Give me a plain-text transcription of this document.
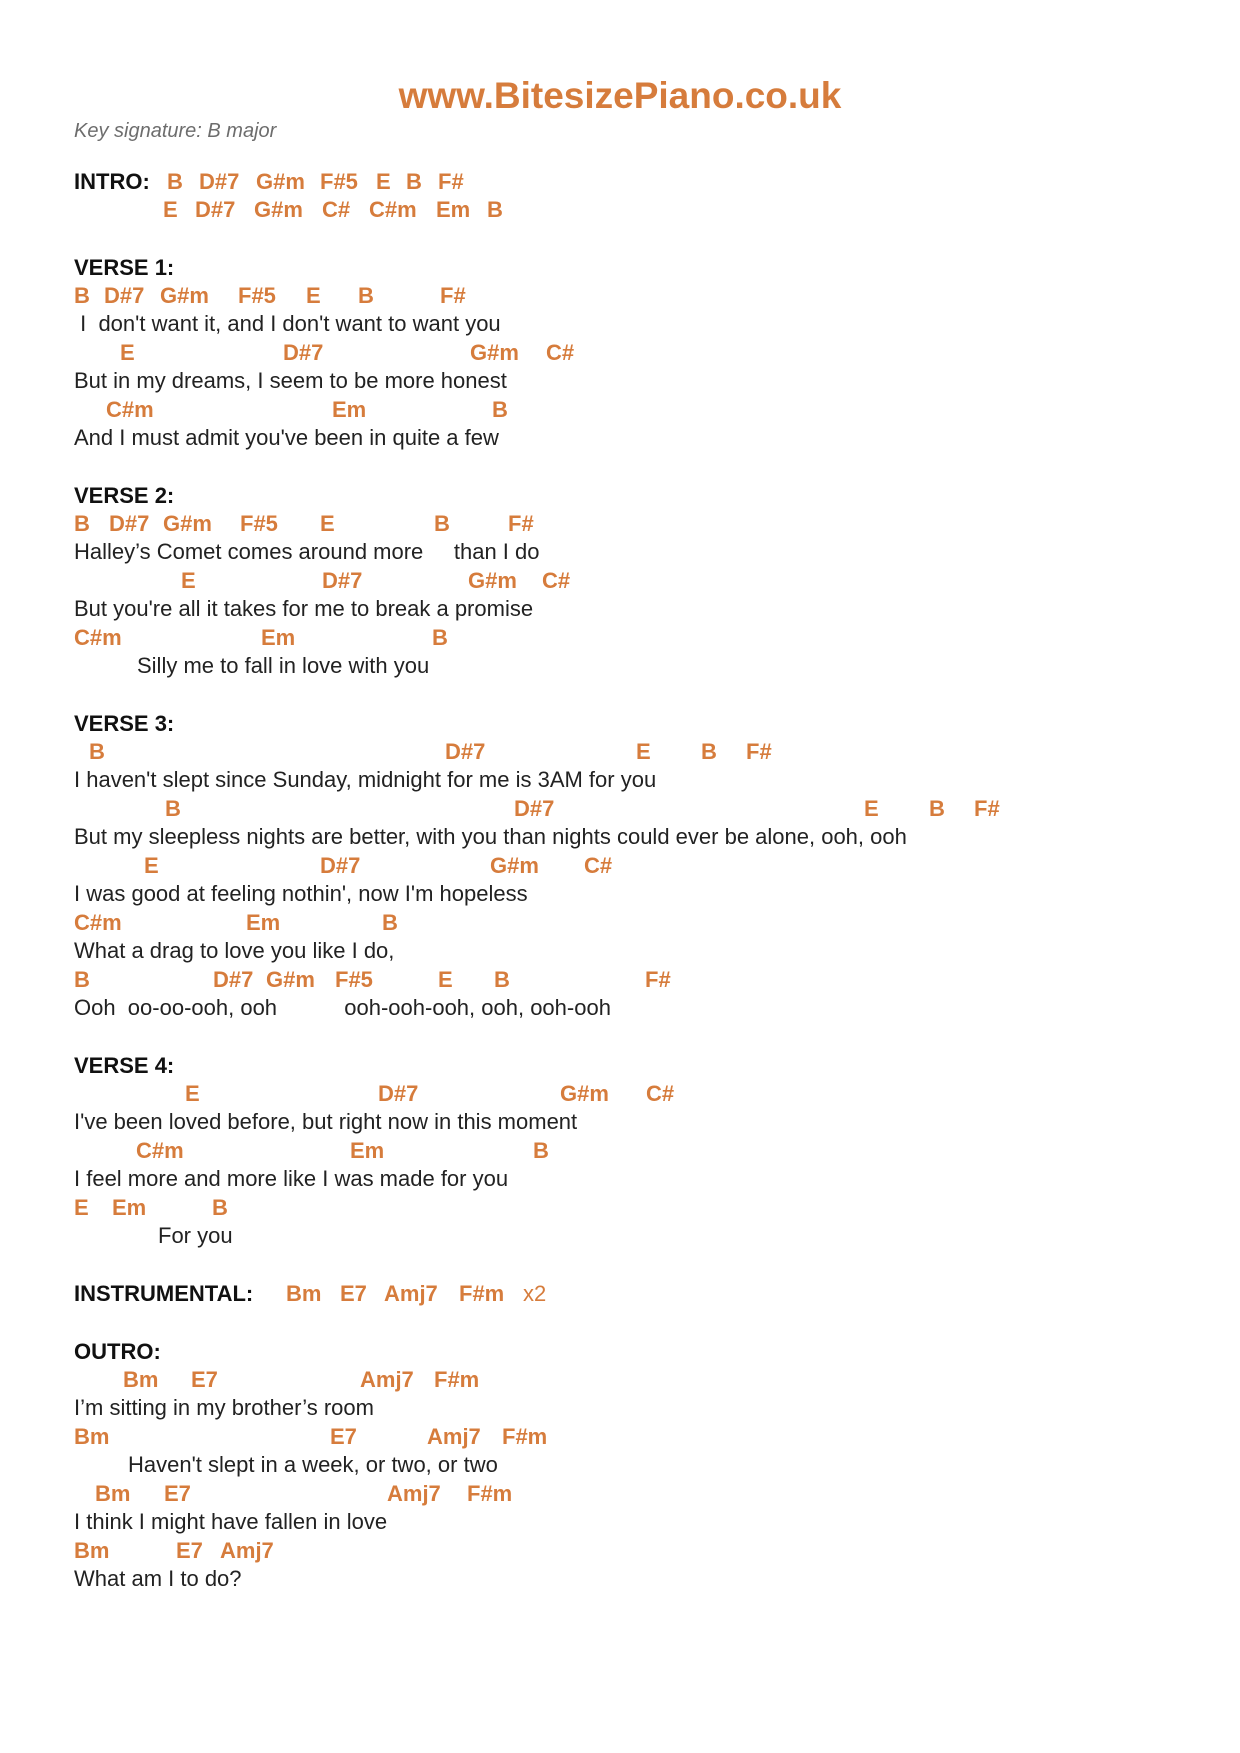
www.BitesizePiano.co.uk
Key signature: B major
INTRO: B D#7 G#m F#5 E B F#
E D#7 G#m C# C#m Em B
VERSE 1:
B D#7 G#m F#5 E B	F#
I  don't want it, and I don't want to want you
E	D#7	G#m C#
But in my dreams, I seem to be more honest
C#m	Em	B
And I must admit you've been in quite a few
VERSE 2:
B D#7 G#m F#5 E	B	F#
Halley’s Comet comes around more     than I do
E	D#7	G#m C#
But you're all it takes for me to break a promise
C#m	Em	B
Silly me to fall in love with you
VERSE 3:
B	D#7	E B F#
I haven't slept since Sunday, midnight for me is 3AM for you
B	D#7	E B F#
But my sleepless nights are better, with you than nights could ever be alone, ooh, ooh
E	D#7	G#m C#
I was good at feeling nothin', now I'm hopeless
C#m	Em	B
What a drag to love you like I do,
B	D#7 G#m F#5	E B	F#
Ooh  oo-oo-ooh, ooh           ooh-ooh-ooh, ooh, ooh-ooh
VERSE 4:
E	D#7	G#m C#
I've been loved before, but right now in this moment
C#m	Em	B
I feel more and more like I was made for you
E Em	B
For you
INSTRUMENTAL: Bm E7 Amj7 F#m x2
OUTRO:
Bm E7	Amj7 F#m
I’m sitting in my brother’s room
Bm	E7	Amj7 F#m
Haven't slept in a week, or two, or two
Bm E7	Amj7 F#m
I think I might have fallen in love
Bm	E7 Amj7
What am I to do?
